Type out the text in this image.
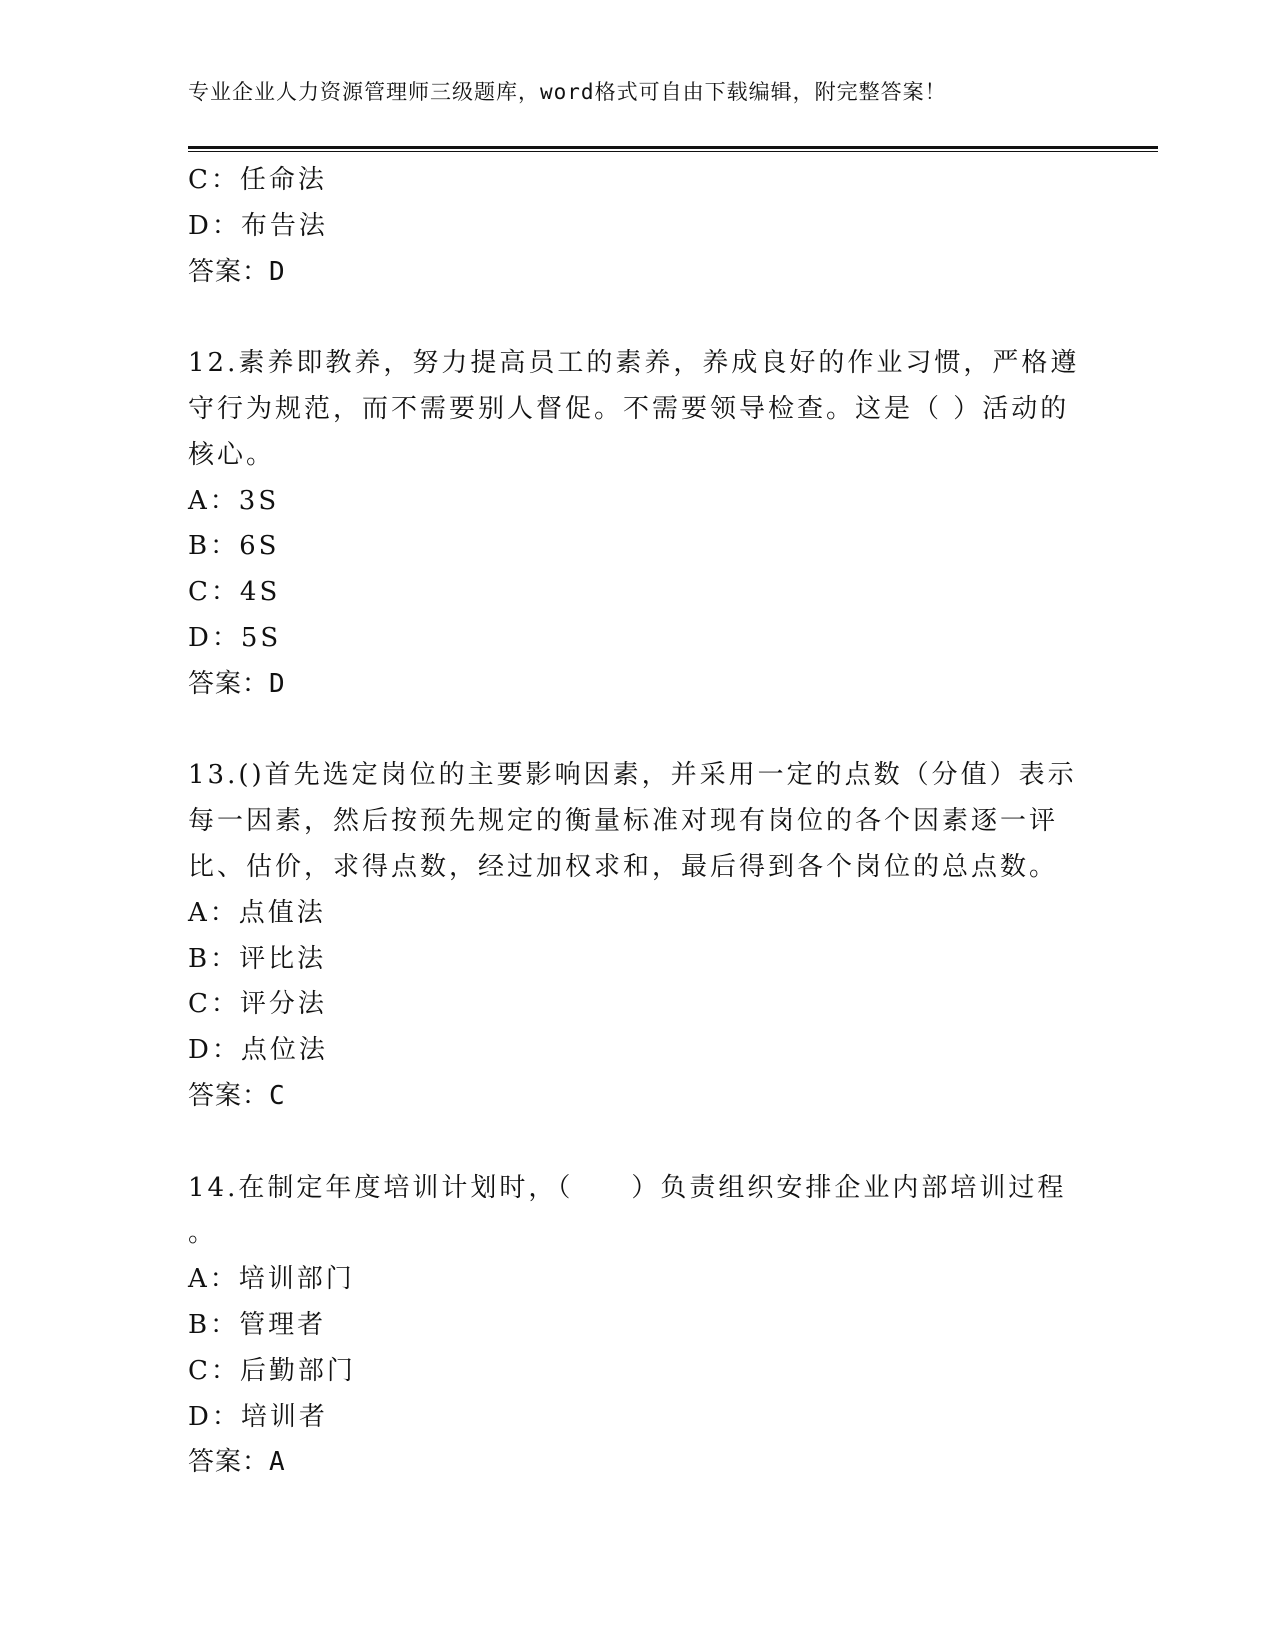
专业企业人力资源管理师三级题库，word格式可自由下载编辑，附完整答案！
C：任命法
D：布告法
答案：D
12.素养即教养，努力提高员工的素养，养成良好的作业习惯，严格遵
守行为规范，而不需要别人督促。不需要领导检查。这是（ ）活动的
核心。
A：3S
B：6S
C：4S
D：5S
答案：D
13.()首先选定岗位的主要影响因素，并采用一定的点数（分值）表示
每一因素，然后按预先规定的衡量标准对现有岗位的各个因素逐一评
比、估价，求得点数，经过加权求和，最后得到各个岗位的总点数。
A：点值法
B：评比法
C：评分法
D：点位法
答案：C
14.在制定年度培训计划时，（　　）负责组织安排企业内部培训过程
。
A：培训部门
B：管理者
C：后勤部门
D：培训者
答案：A
